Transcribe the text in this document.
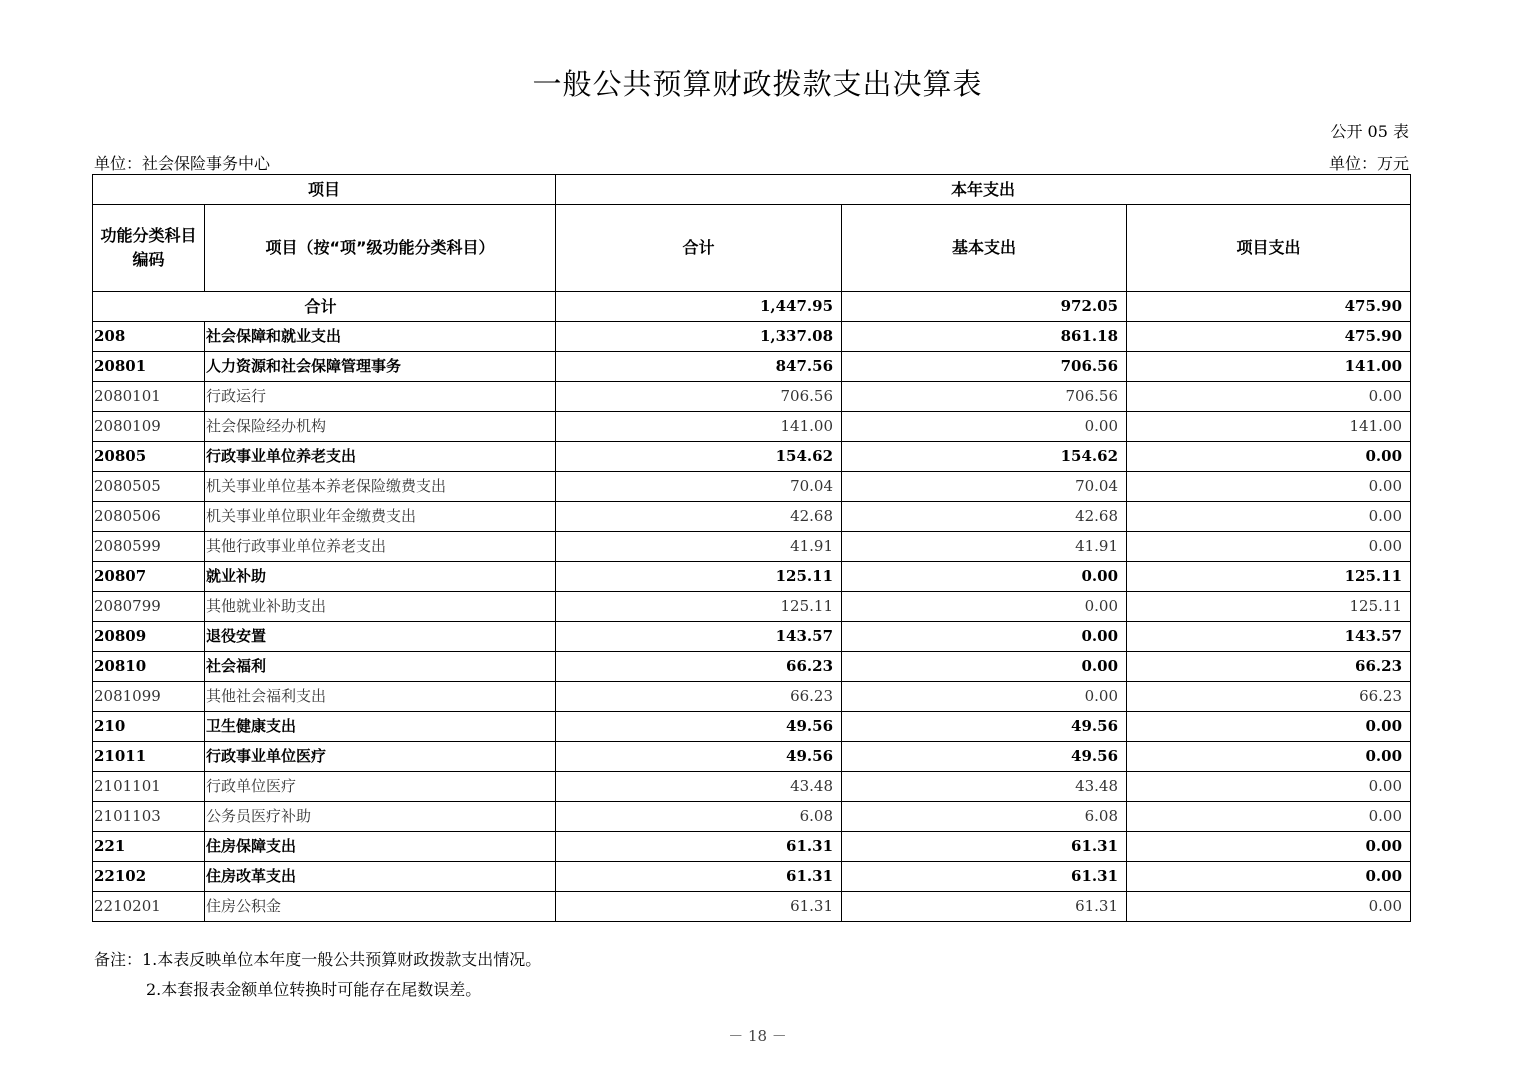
一般公共预算财政拨款支出决算表
公开 05 表
单位：社会保险事务中心	单位：万元
项目		本年支出		
功能分类科目编码	项目（按“项”级功能分类科目）	合计	基本支出	项目支出
合计		1,447.95	972.05	475.90
208	社会保障和就业支出	1,337.08	861.18	475.90
20801	人力资源和社会保障管理事务	847.56	706.56	141.00
2080101	行政运行	706.56	706.56	0.00
2080109	社会保险经办机构	141.00	0.00	141.00
20805	行政事业单位养老支出	154.62	154.62	0.00
2080505	机关事业单位基本养老保险缴费支出	70.04	70.04	0.00
2080506	机关事业单位职业年金缴费支出	42.68	42.68	0.00
2080599	其他行政事业单位养老支出	41.91	41.91	0.00
20807	就业补助	125.11	0.00	125.11
2080799	其他就业补助支出	125.11	0.00	125.11
20809	退役安置	143.57	0.00	143.57
20810	社会福利	66.23	0.00	66.23
2081099	其他社会福利支出	66.23	0.00	66.23
210	卫生健康支出	49.56	49.56	0.00
21011	行政事业单位医疗	49.56	49.56	0.00
2101101	行政单位医疗	43.48	43.48	0.00
2101103	公务员医疗补助	6.08	6.08	0.00
221	住房保障支出	61.31	61.31	0.00
22102	住房改革支出	61.31	61.31	0.00
2210201	住房公积金	61.31	61.31	0.00
备注：1.本表反映单位本年度一般公共预算财政拨款支出情况。
2.本套报表金额单位转换时可能存在尾数误差。
－ 18 －
